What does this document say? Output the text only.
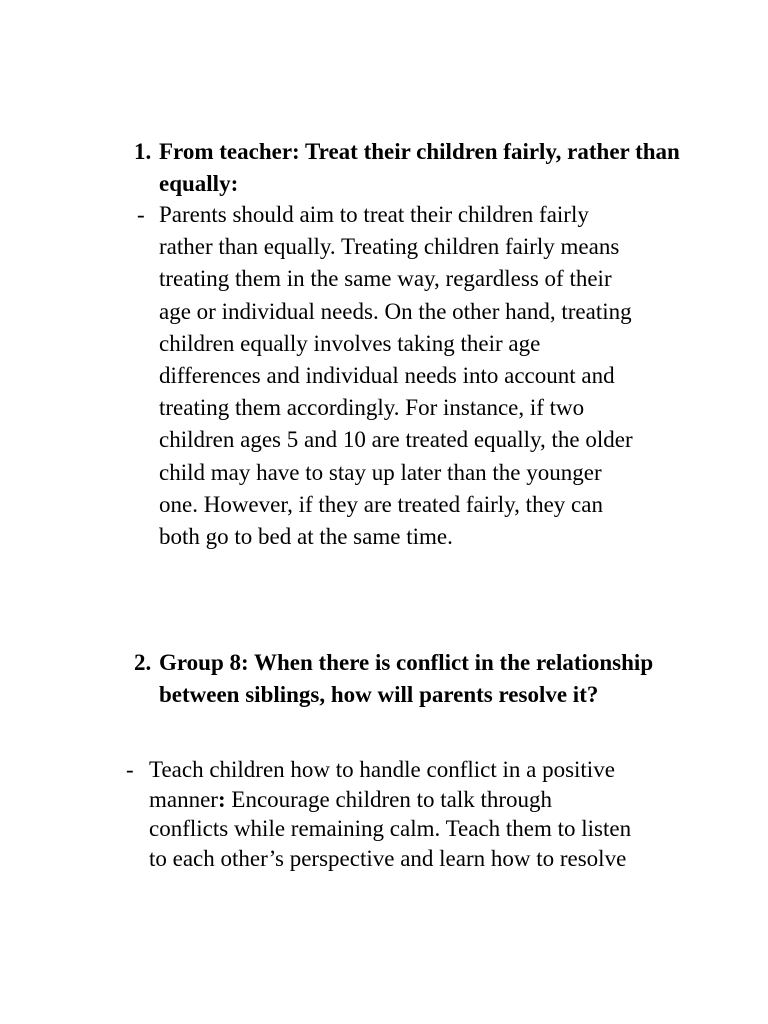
1. From teacher: Treat their children fairly, rather than equally:
- Parents should aim to treat their children fairly
rather than equally. Treating children fairly means
treating them in the same way, regardless of their
age or individual needs. On the other hand, treating
children equally involves taking their age
differences and individual needs into account and
treating them accordingly. For instance, if two
children ages 5 and 10 are treated equally, the older
child may have to stay up later than the younger
one. However, if they are treated fairly, they can
both go to bed at the same time.
2. Group 8: When there is conflict in the relationship between siblings, how will parents resolve it?
- Teach children how to handle conflict in a positive
manner: Encourage children to talk through
conflicts while remaining calm. Teach them to listen
to each other’s perspective and learn how to resolve
